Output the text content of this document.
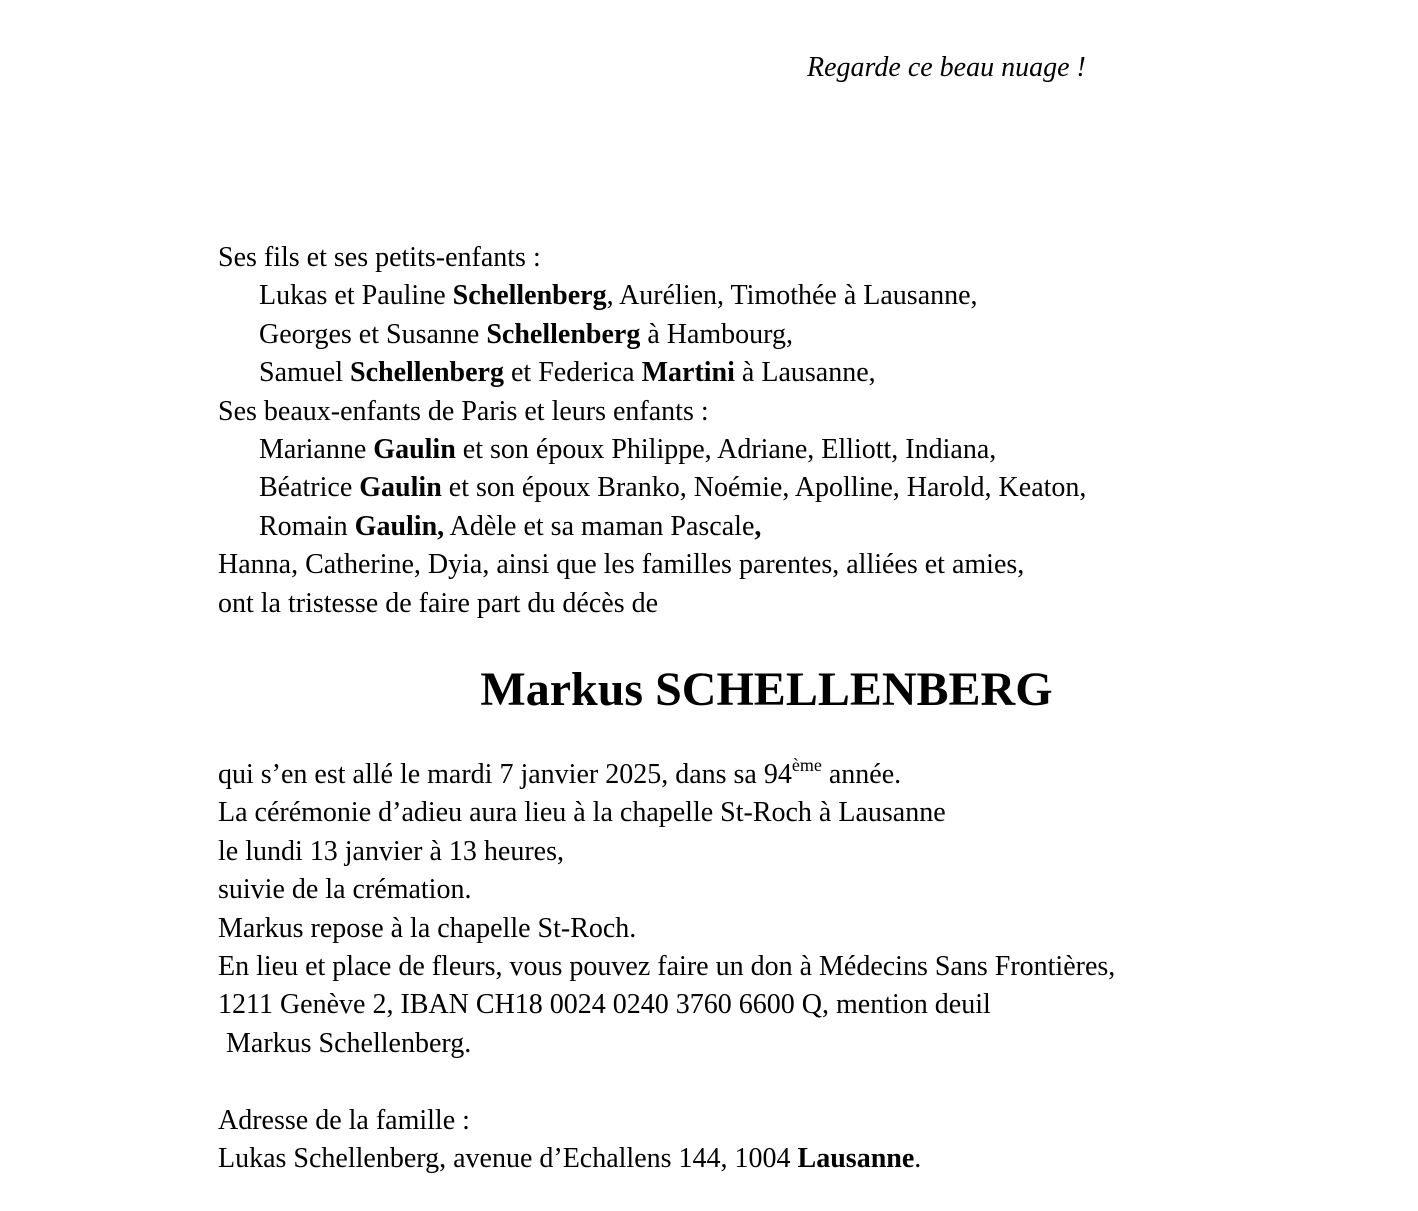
Regarde ce beau nuage !
Ses fils et ses petits-enfants :
Lukas et Pauline Schellenberg, Aurélien, Timothée à Lausanne,
Georges et Susanne Schellenberg à Hambourg,
Samuel Schellenberg et Federica Martini à Lausanne,
Ses beaux-enfants de Paris et leurs enfants :
Marianne Gaulin et son époux Philippe, Adriane, Elliott, Indiana,
Béatrice Gaulin et son époux Branko, Noémie, Apolline, Harold, Keaton,
Romain Gaulin, Adèle et sa maman Pascale,
Hanna, Catherine, Dyia, ainsi que les familles parentes, alliées et amies,
ont la tristesse de faire part du décès de
Markus SCHELLENBERG
qui s’en est allé le mardi 7 janvier 2025, dans sa 94ème année.
La cérémonie d’adieu aura lieu à la chapelle St-Roch à Lausanne
le lundi 13 janvier à 13 heures,
suivie de la crémation.
Markus repose à la chapelle St-Roch.
En lieu et place de fleurs, vous pouvez faire un don à Médecins Sans Frontières,
1211 Genève 2, IBAN CH18 0024 0240 3760 6600 Q, mention deuil
Markus Schellenberg.
Adresse de la famille :
Lukas Schellenberg, avenue d’Echallens 144, 1004 Lausanne.
